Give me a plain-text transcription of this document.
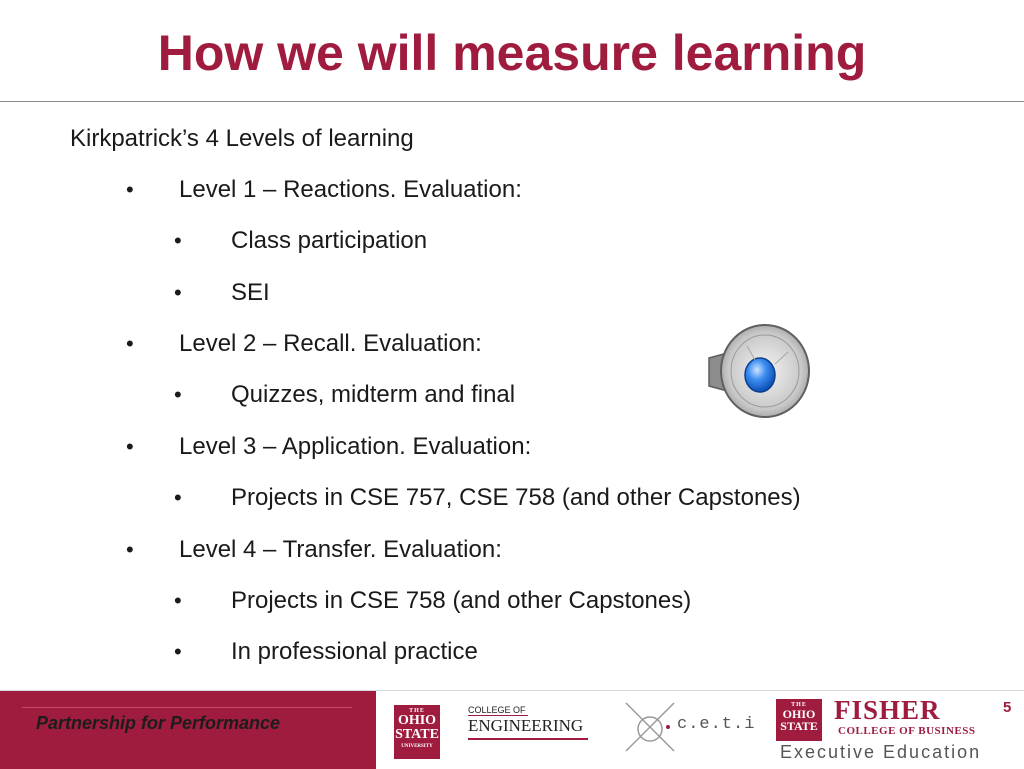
How we will measure learning
Kirkpatrick’s 4 Levels of learning
• Level 1 – Reactions. Evaluation:
• Class participation
• SEI
• Level 2 – Recall. Evaluation:
• Quizzes, midterm and final
• Level 3 – Application. Evaluation:
• Projects in CSE 757, CSE 758 (and other Capstones)
• Level 4 – Transfer. Evaluation:
• Projects in CSE 758 (and other Capstones)
• In professional practice
Partnership for Performance
THE
OHIO
STATE
UNIVERSITY
COLLEGE OF
ENGINEERING	c.e.t.i
THE
OHIO
STATE
FISHER
COLLEGE OF BUSINESS
Executive Education
5
